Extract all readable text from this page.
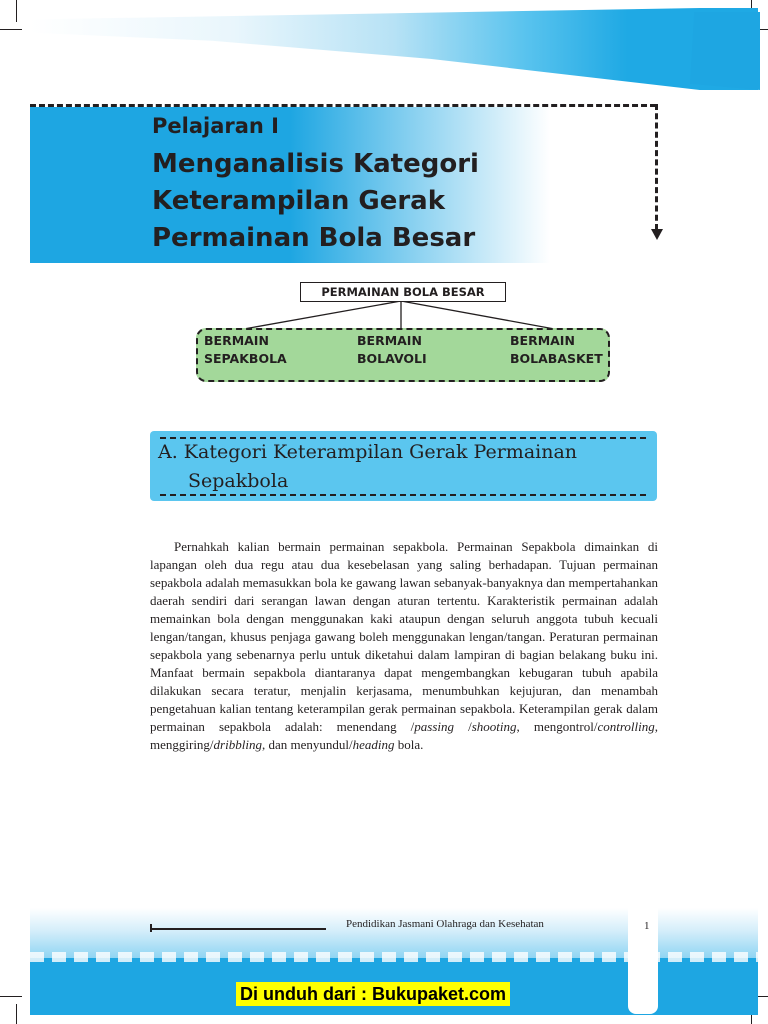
Pelajaran I
Menganalisis Kategori Keterampilan Gerak Permainan Bola Besar
PERMAINAN BOLA BESAR
BERMAIN
SEPAKBOLA
BERMAIN
BOLAVOLI
BERMAIN
BOLABASKET
A. Kategori Keterampilan Gerak Permainan Sepakbola
Pernahkah kalian bermain permainan sepakbola. Permainan Sepakbola dimainkan di lapangan oleh dua regu atau dua kesebelasan yang saling berhadapan. Tujuan permainan sepakbola adalah memasukkan bola ke gawang lawan sebanyak-banyaknya dan mempertahankan daerah sendiri dari serangan lawan dengan aturan tertentu. Karakteristik permainan adalah memainkan bola dengan menggunakan kaki ataupun dengan seluruh anggota tubuh kecuali lengan/tangan, khusus penjaga gawang boleh menggunakan lengan/tangan. Peraturan permainan sepakbola yang sebenarnya perlu untuk diketahui dalam lampiran di bagian belakang buku ini. Manfaat bermain sepakbola diantaranya dapat mengembangkan kebugaran tubuh apabila dilakukan secara teratur, menjalin kerjasama, menumbuhkan kejujuran, dan menambah pengetahuan kalian tentang keterampilan gerak permainan sepakbola. Keterampilan gerak dalam permainan sepakbola adalah: menendang /passing /shooting, mengontrol/controlling, menggiring/dribbling, dan menyundul/heading bola.
Pendidikan Jasmani Olahraga dan Kesehatan	1
Di unduh dari : Bukupaket.com
